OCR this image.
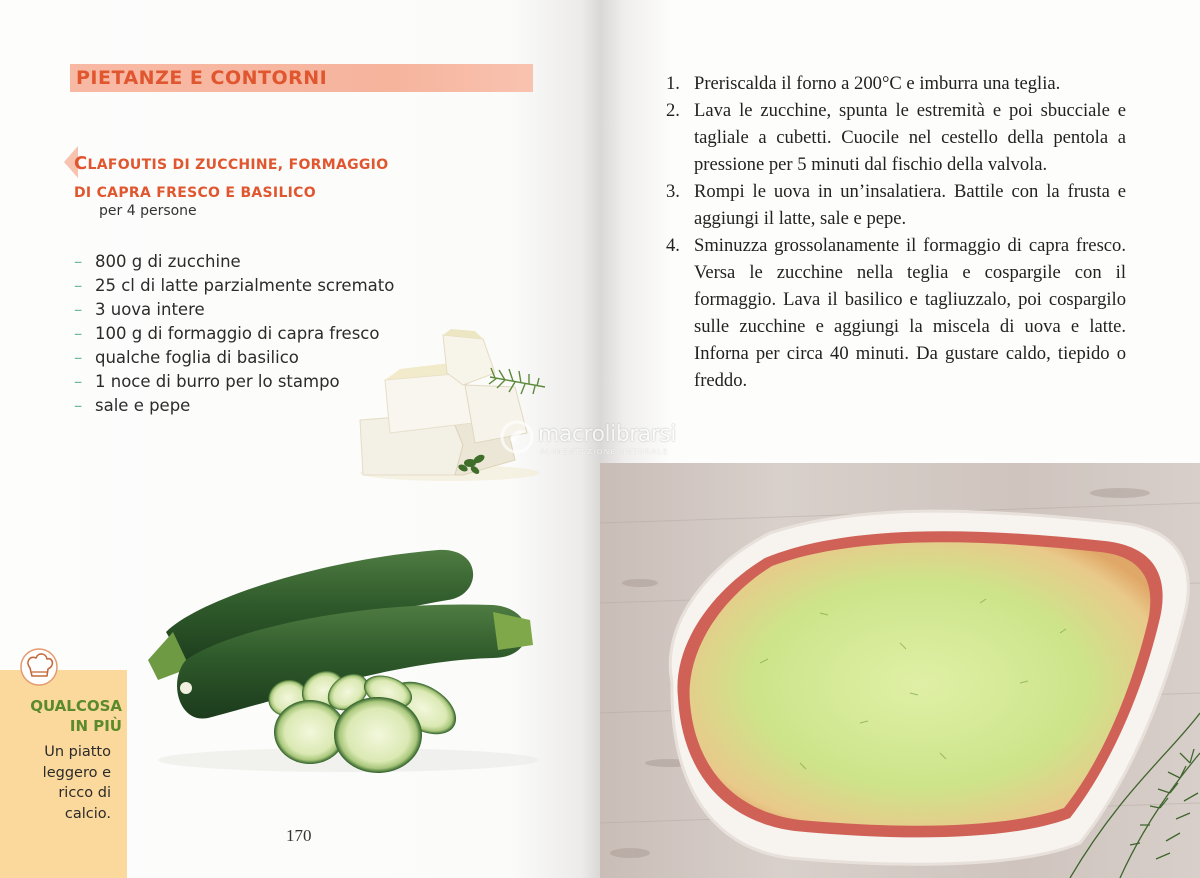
PIETANZE E CONTORNI
CLAFOUTIS DI ZUCCHINE, FORMAGGIO
DI CAPRA FRESCO E BASILICO
per 4 persone
– 800 g di zucchine
– 25 cl di latte parzialmente scremato
– 3 uova intere
– 100 g di formaggio di capra fresco
– qualche foglia di basilico
– 1 noce di burro per lo stampo
– sale e pepe
QUALCOSA
IN PIÙ
Un piatto
leggero e
ricco di
calcio.
170
1. Preriscalda il forno a 200°C e imburra una teglia.
2. Lava le zucchine, spunta le estremità e poi sbucciale e tagliale a cubetti. Cuocile nel cestello della pentola a pressione per 5 minuti dal fischio della valvola.
3. Rompi le uova in un’insalatiera. Battile con la frusta e aggiungi il latte, sale e pepe.
4. Sminuzza grossolanamente il formaggio di capra fresco. Versa le zucchine nella teglia e cospargile con il formaggio. Lava il basilico e tagliuzzalo, poi cospargilo sulle zucchine e aggiungi la miscela di uova e latte. Inforna per circa 40 minuti. Da gustare caldo, tiepido o freddo.
macrolibrarsi
ALIMENTAZIONE NATURALE
